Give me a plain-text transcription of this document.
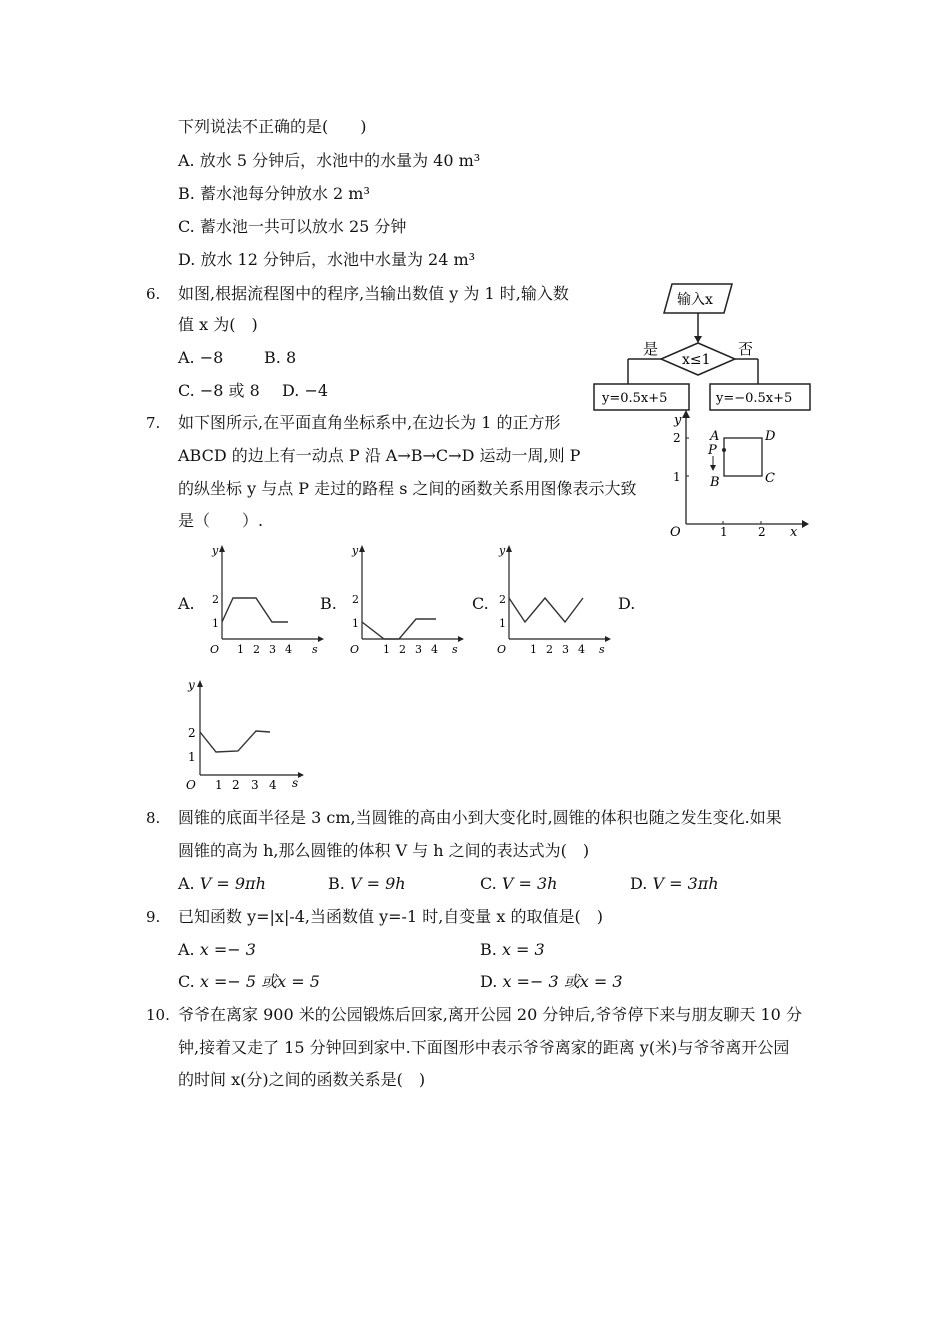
下列说法不正确的是(　　)
A. 放水 5 分钟后，水池中的水量为 40 m³
B. 蓄水池每分钟放水 2 m³
C. 蓄水池一共可以放水 25 分钟
D. 放水 12 分钟后，水池中水量为 24 m³
6. 如图,根据流程图中的程序,当输出数值 y 为 1 时,输入数
值 x 为(　)
A. −8	B. 8
C. −8 或 8 D. −4
输入x
x≤1
是	否
y=0.5x+5	y=−0.5x+5
7. 如下图所示,在平面直角坐标系中,在边长为 1 的正方形
ABCD 的边上有一动点 P 沿 A→B→C→D 运动一周,则 P
的纵坐标 y 与点 P 走过的路程 s 之间的函数关系用图像表示大致
是（　　）.
y
x
O	1	2
2
1
A
B	C
D
P
A.	B.	C.	D.
y
s
O
2
1
1 2 3 4
y
s
O
2
1
1 2 3 4
y
s
O
2
1
1 2 3 4
y
s
O
2
1
1 2 3 4
8. 圆锥的底面半径是 3 cm,当圆锥的高由小到大变化时,圆锥的体积也随之发生变化.如果
圆锥的高为 h,那么圆锥的体积 V 与 h 之间的表达式为(　)
A. V = 9πh	B. V = 9h	C. V = 3h	D. V = 3πh
9. 已知函数 y=|x|-4,当函数值 y=-1 时,自变量 x 的取值是(　)
A. x =− 3	B. x = 3
C. x =− 5 或x = 5	D. x =− 3 或x = 3
10. 爷爷在离家 900 米的公园锻炼后回家,离开公园 20 分钟后,爷爷停下来与朋友聊天 10 分
钟,接着又走了 15 分钟回到家中.下面图形中表示爷爷离家的距离 y(米)与爷爷离开公园
的时间 x(分)之间的函数关系是(　)
